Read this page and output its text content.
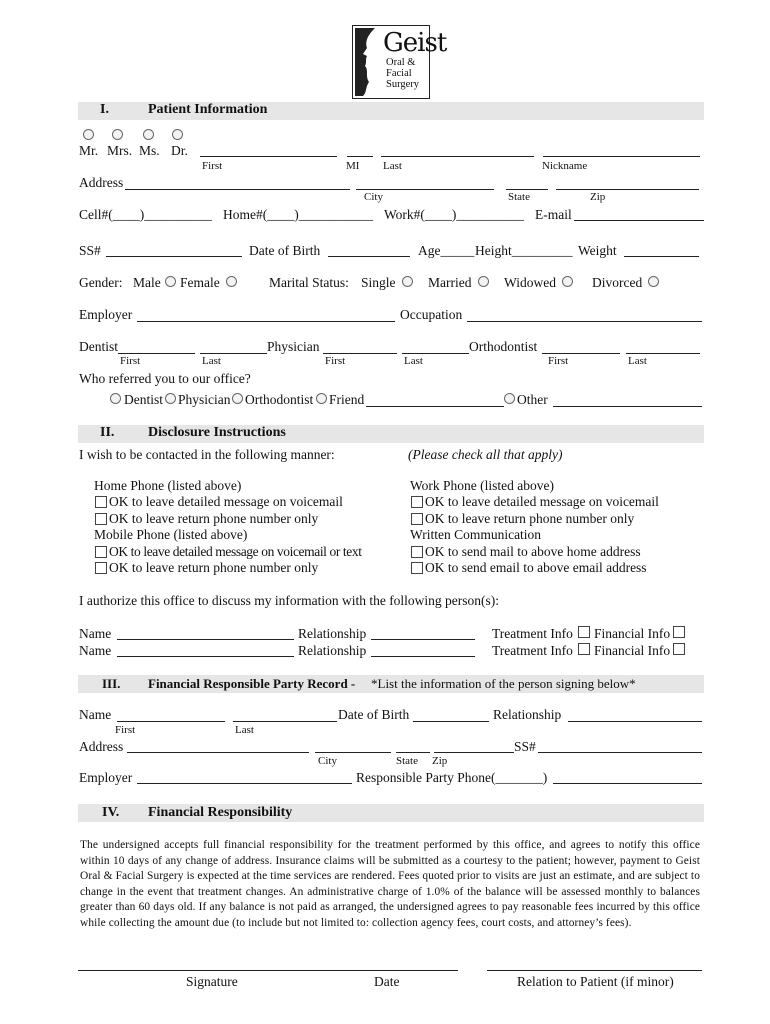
Geist
Oral &
Facial
Surgery
I.	Patient Information
Mr. Mrs. Ms. Dr.
First	MI Last	Nickname
Address
City	State	Zip
Cell#(____)__________ Home#(____)___________ Work#(____)__________ E-mail
SS#	Date of Birth	Age_____ Height_________ Weight
Gender: Male Female	Marital Status: Single Married Widowed	Divorced
Employer	Occupation
Dentist	Physician	Orthodontist
First	Last	First	Last	First	Last
Who referred you to our office?
Dentist Physician Orthodontist Friend	Other
II. Disclosure Instructions
I wish to be contacted in the following manner:	(Please check all that apply)
Home Phone (listed above)
OK to leave detailed message on voicemail
OK to leave return phone number only
Mobile Phone (listed above)
OK to leave detailed message on voicemail or text
OK to leave return phone number only
Work Phone (listed above)
OK to leave detailed message on voicemail
OK to leave return phone number only
Written Communication
OK to send mail to above home address
OK to send email to above email address
I authorize this office to discuss my information with the following person(s):
Name	Relationship	Treatment Info Financial Info
Name	Relationship	Treatment Info Financial Info
III. Financial Responsible Party Record - *List the information of the person signing below*
Name	Date of Birth	Relationship
First	Last
Address	SS#
City	State Zip
Employer	Responsible Party Phone(_______)
IV. Financial Responsibility
The undersigned accepts full financial responsibility for the treatment performed by this office, and agrees to notify this office within 10 days of any change of address. Insurance claims will be submitted as a courtesy to the patient; however, payment to Geist Oral & Facial Surgery is expected at the time services are rendered. Fees quoted prior to visits are just an estimate, and are subject to change in the event that treatment changes. An administrative charge of 1.0% of the balance will be assessed monthly to balances greater than 60 days old. If any balance is not paid as arranged, the undersigned agrees to pay reasonable fees incurred by this office while collecting the amount due (to include but not limited to: collection agency fees, court costs, and attorney’s fees).
Signature	Date	Relation to Patient (if minor)
